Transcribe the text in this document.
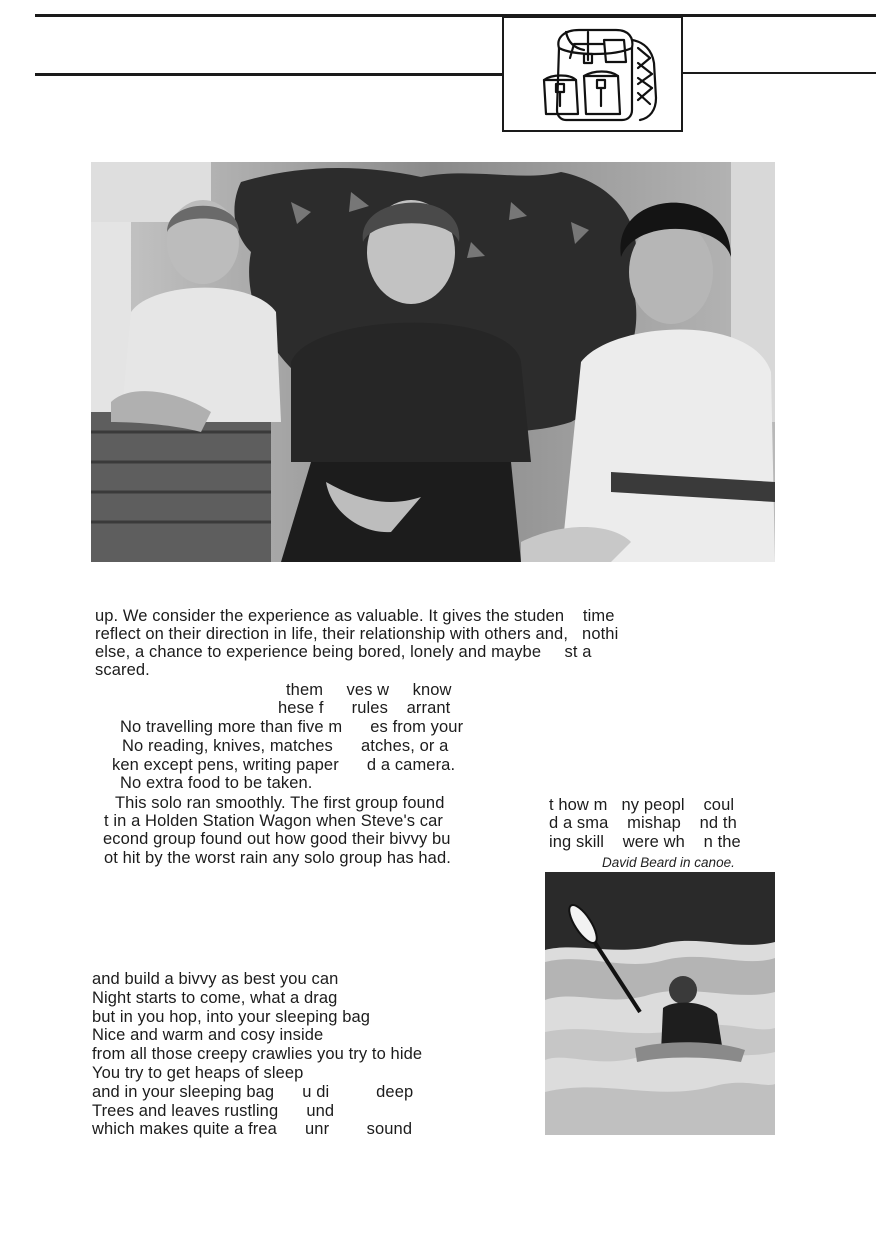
up. We consider the experience as valuable. It gives the studen    time
reflect on their direction in life, their relationship with others and,   nothi
else, a chance to experience being bored, lonely and maybe     st a
scared.
them     ves w     know
hese f      rules    arrant
No travelling more than five m      es from your
No reading, knives, matches      atches, or a
ken except pens, writing paper      d a camera.
No extra food to be taken.
This solo ran smoothly. The first group found
t in a Holden Station Wagon when Steve's car
econd group found out how good their bivvy bu
ot hit by the worst rain any solo group has had.
t how m   ny peopl    coul
d a sma    mishap    nd th
ing skill    were wh    n the
David Beard in canoe.
and build a bivvy as best you can
Night starts to come, what a drag
but in you hop, into your sleeping bag
Nice and warm and cosy inside
from all those creepy crawlies you try to hide
You try to get heaps of sleep
and in your sleeping bag      u di          deep
Trees and leaves rustling      und
which makes quite a frea      unr        sound
